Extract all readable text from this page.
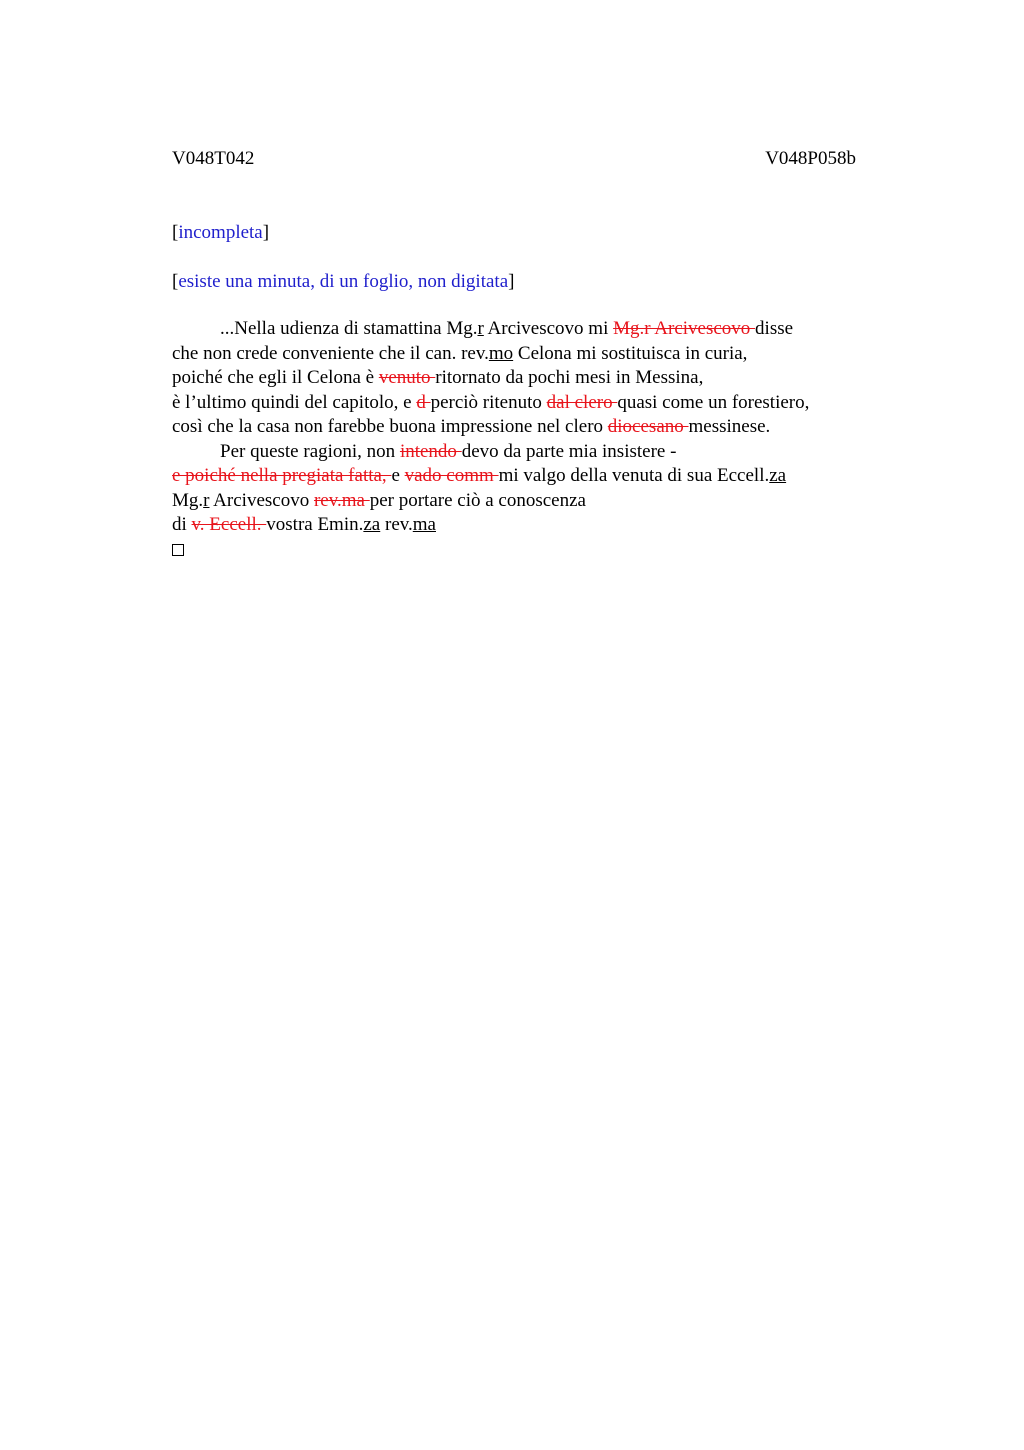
V048T042	V048P058b
[incompleta]
[esiste una minuta, di un foglio, non digitata]
...Nella udienza di stamattina Mg.r Arcivescovo mi Mg.r Arcivescovo disse
che non crede conveniente che il can. rev.mo Celona mi sostituisca in curia,
poiché che egli il Celona è venuto ritornato da pochi mesi in Messina,
è l’ultimo quindi del capitolo, e d perciò ritenuto dal clero quasi come un forestiero,
così che la casa non farebbe buona impressione nel clero diocesano messinese.
Per queste ragioni, non intendo devo da parte mia insistere -
e poiché nella pregiata fatta, e vado comm mi valgo della venuta di sua Eccell.za
Mg.r Arcivescovo rev.ma per portare ciò a conoscenza
di v. Eccell. vostra Emin.za rev.ma
